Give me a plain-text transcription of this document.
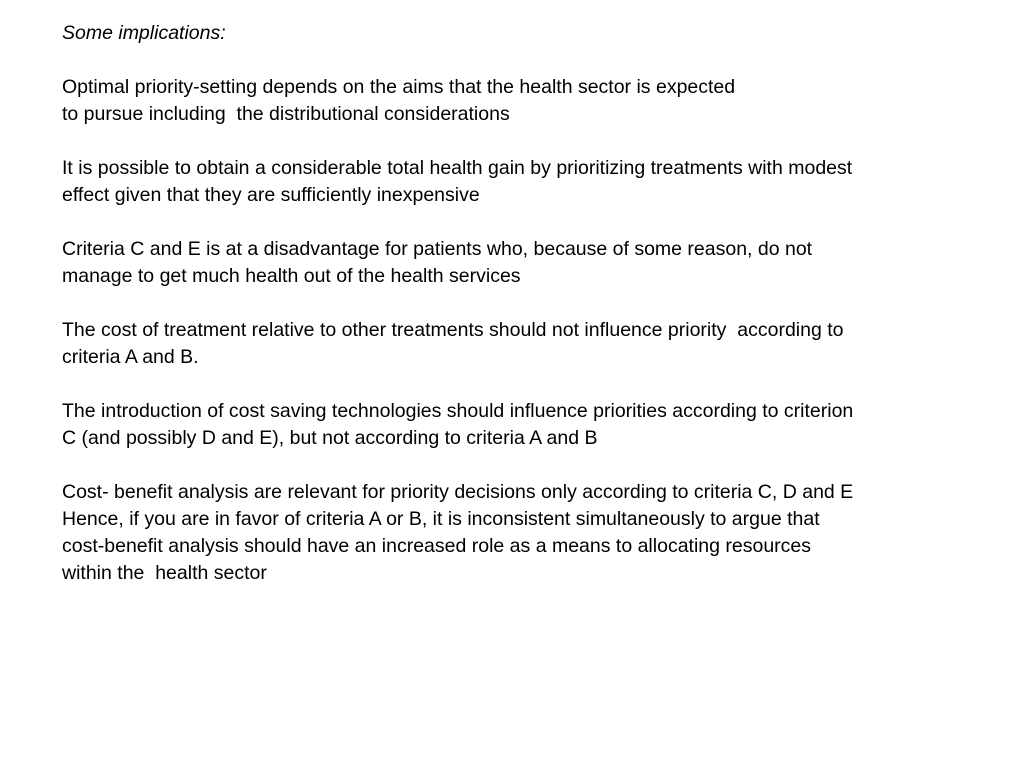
Some implications:
Optimal priority-setting depends on the aims that the health sector is expected
to pursue including  the distributional considerations
It is possible to obtain a considerable total health gain by prioritizing treatments with modest
effect given that they are sufficiently inexpensive
Criteria C and E is at a disadvantage for patients who, because of some reason, do not
manage to get much health out of the health services
The cost of treatment relative to other treatments should not influence priority  according to
criteria A and B.
The introduction of cost saving technologies should influence priorities according to criterion
C (and possibly D and E), but not according to criteria A and B
Cost- benefit analysis are relevant for priority decisions only according to criteria C, D and E
Hence, if you are in favor of criteria A or B, it is inconsistent simultaneously to argue that
cost-benefit analysis should have an increased role as a means to allocating resources
within the  health sector
